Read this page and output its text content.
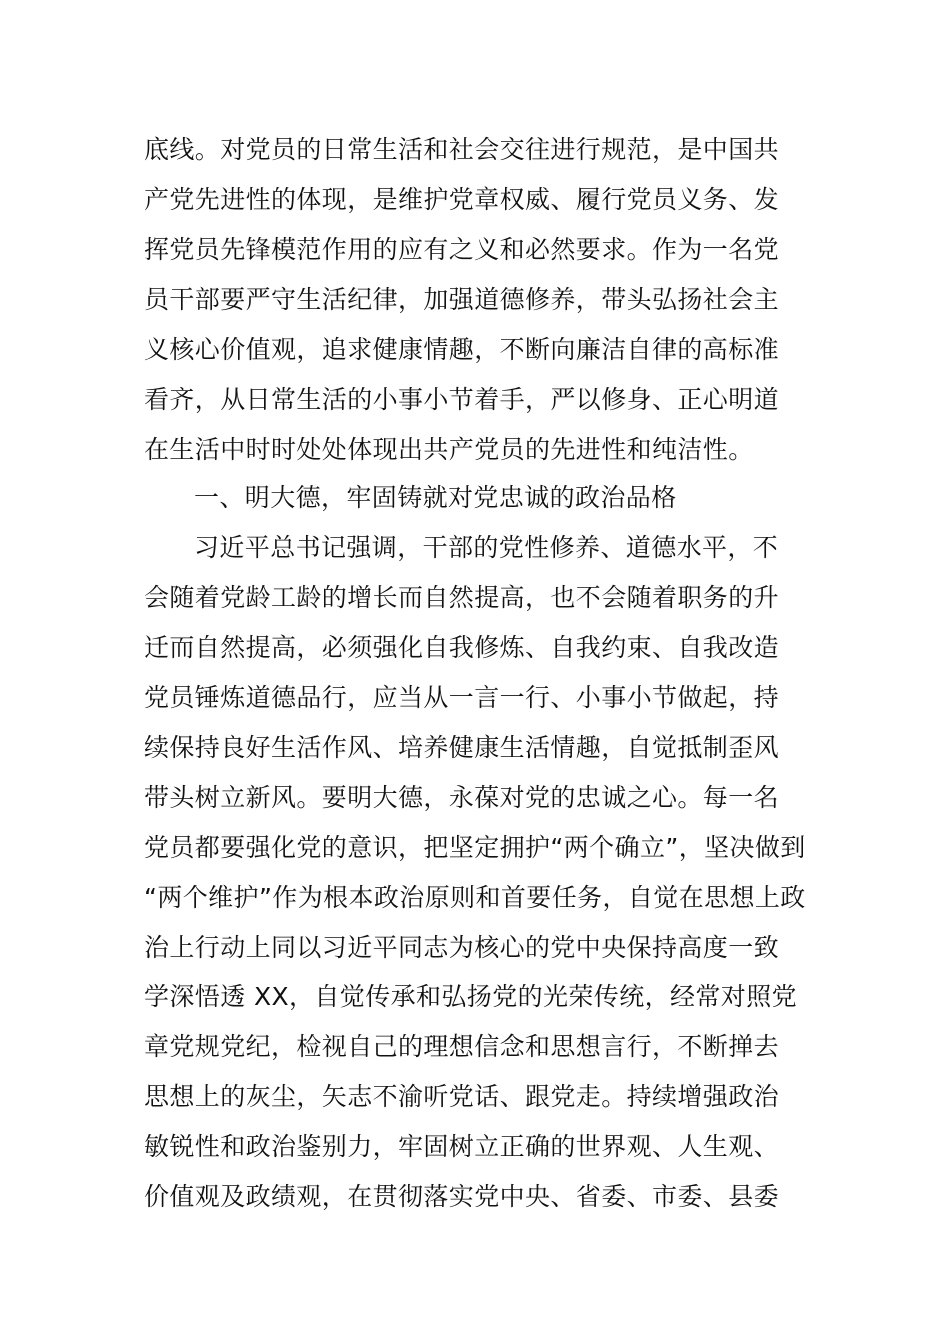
底线。对党员的日常生活和社会交往进行规范，是中国共
产党先进性的体现，是维护党章权威、履行党员义务、发
挥党员先锋模范作用的应有之义和必然要求。作为一名党
员干部要严守生活纪律，加强道德修养，带头弘扬社会主
义核心价值观，追求健康情趣，不断向廉洁自律的高标准
看齐，从日常生活的小事小节着手，严以修身、正心明道
在生活中时时处处体现出共产党员的先进性和纯洁性。
一、明大德，牢固铸就对党忠诚的政治品格
习近平总书记强调，干部的党性修养、道德水平，不
会随着党龄工龄的增长而自然提高，也不会随着职务的升
迁而自然提高，必须强化自我修炼、自我约束、自我改造
党员锤炼道德品行，应当从一言一行、小事小节做起，持
续保持良好生活作风、培养健康生活情趣，自觉抵制歪风
带头树立新风。要明大德，永葆对党的忠诚之心。每一名
党员都要强化党的意识，把坚定拥护“两个确立”，坚决做到
“两个维护”作为根本政治原则和首要任务，自觉在思想上政
治上行动上同以习近平同志为核心的党中央保持高度一致
学深悟透 XX，自觉传承和弘扬党的光荣传统，经常对照党
章党规党纪，检视自己的理想信念和思想言行，不断掸去
思想上的灰尘，矢志不渝听党话、跟党走。持续增强政治
敏锐性和政治鉴别力，牢固树立正确的世界观、人生观、
价值观及政绩观，在贯彻落实党中央、省委、市委、县委
